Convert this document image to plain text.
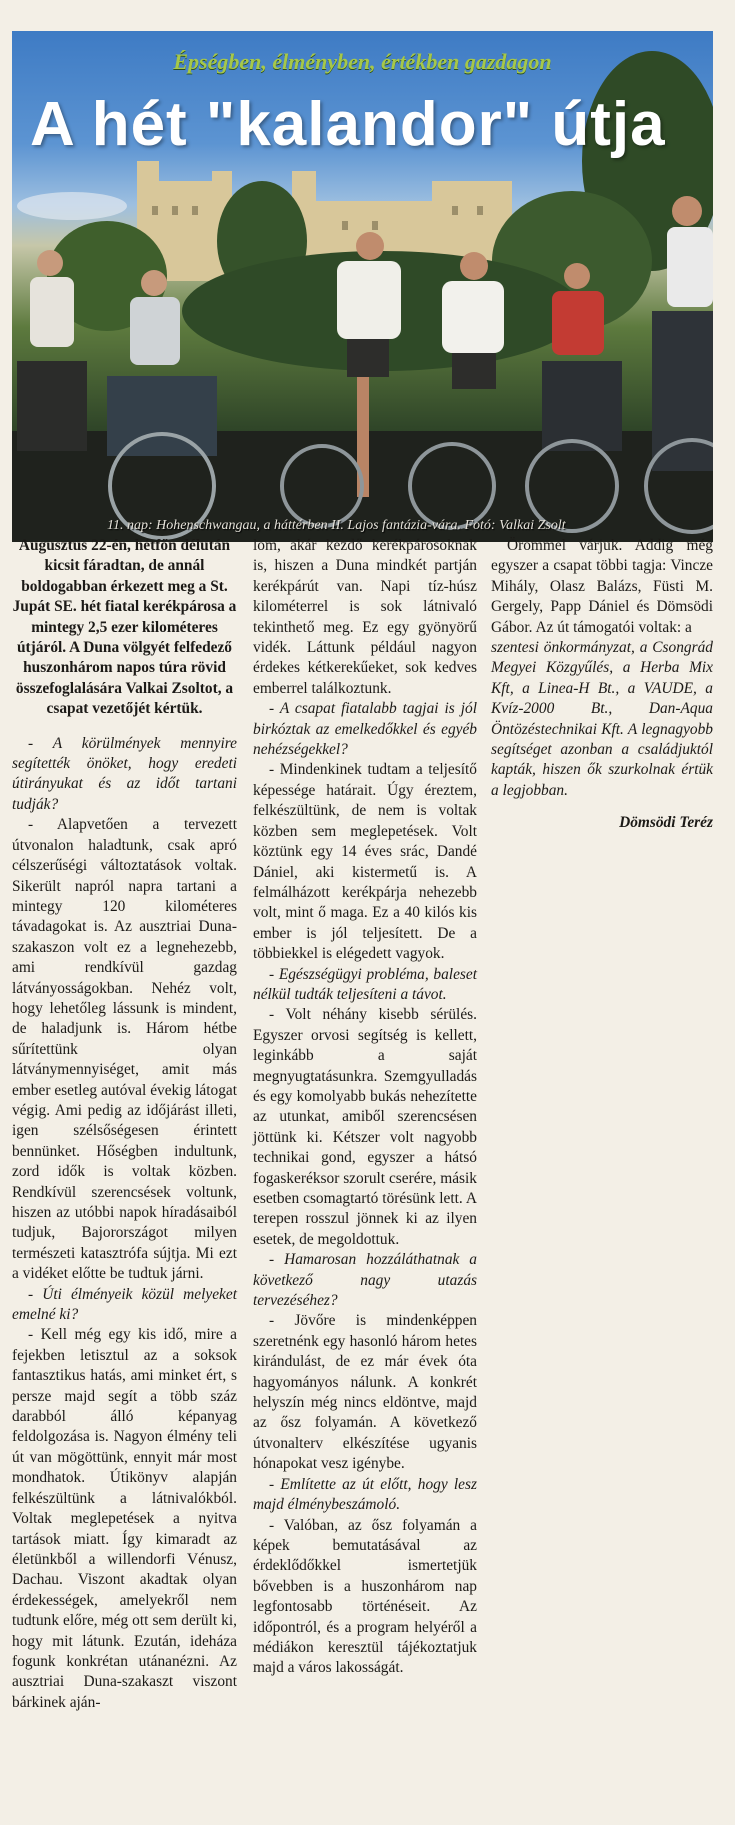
Épségben, élményben, értékben gazdagon
A hét "kalandor" útja
11. nap: Hohenschwangau, a háttérben II. Lajos fantázia-vára. Fotó: Valkai Zsolt

Augusztus 22-én, hétfőn délután kicsit fáradtan, de annál boldogabban érkezett meg a St. Jupát SE. hét fiatal kerékpárosa a mintegy 2,5 ezer kilométeres útjáról. A Duna völgyét felfedező huszonhárom napos túra rövid összefoglalására Valkai Zsoltot, a csapat vezetőjét kértük.

- A körülmények mennyire segítették önöket, hogy eredeti útirányukat és az időt tartani tudják?

- Alapvetően a tervezett útvonalon haladtunk, csak apró célszerűségi változtatások voltak. Sikerült napról napra tartani a mintegy 120 kilométeres távadagokat is. Az ausztriai Duna-szakaszon volt ez a legnehezebb, ami rendkívül gazdag látványosságokban. Nehéz volt, hogy lehetőleg lássunk is mindent, de haladjunk is. Három hétbe sűrítettünk olyan látványmennyiséget, amit más ember esetleg autóval évekig látogat végig. Ami pedig az időjárást illeti, igen szélsőségesen érintett bennünket. Hőségben indultunk, zord idők is voltak közben. Rendkívül szerencsések voltunk, hiszen az utóbbi napok híradásaiból tudjuk, Bajorországot milyen természeti katasztrófa sújtja. Mi ezt a vidéket előtte be tudtuk járni.

- Úti élményeik közül melyeket emelné ki?

- Kell még egy kis idő, mire a fejekben letisztul az a soksok fantasztikus hatás, ami minket ért, s persze majd segít a több száz darabból álló képanyag feldolgozása is. Nagyon élmény teli út van mögöttünk, ennyit már most mondhatok. Útikönyv alapján felkészültünk a látnivalókból. Voltak meglepetések a nyitva tartások miatt. Így kimaradt az életünkből a willendorfi Vénusz, Dachau. Viszont akadtak olyan érdekességek, amelyekről nem tudtunk előre, még ott sem derült ki, hogy mit látunk. Ezután, ideháza fogunk konkrétan utánanézni. Az ausztriai Duna-szakaszt viszont bárkinek aján-

lom, akár kezdő kerékpárosoknak is, hiszen a Duna mindkét partján kerékpárút van. Napi tíz-húsz kilométerrel is sok látnivaló tekinthető meg. Ez egy gyönyörű vidék. Láttunk például nagyon érdekes kétkerekűeket, sok kedves emberrel találkoztunk.

- A csapat fiatalabb tagjai is jól birkóztak az emelkedőkkel és egyéb nehézségekkel?

- Mindenkinek tudtam a teljesítő képessége határait. Úgy éreztem, felkészültünk, de nem is voltak közben sem meglepetések. Volt köztünk egy 14 éves srác, Dandé Dániel, aki kistermetű is. A felmálházott kerékpárja nehezebb volt, mint ő maga. Ez a 40 kilós kis ember is jól teljesített. De a többiekkel is elégedett vagyok.

- Egészségügyi probléma, baleset nélkül tudták teljesíteni a távot.

- Volt néhány kisebb sérülés. Egyszer orvosi segítség is kellett, leginkább a saját megnyugtatásunkra. Szemgyulladás és egy komolyabb bukás nehezítette az utunkat, amiből szerencsésen jöttünk ki. Kétszer volt nagyobb technikai gond, egyszer a hátsó fogaskeréksor szorult cserére, másik esetben csomagtartó törésünk lett. A terepen rosszul jönnek ki az ilyen esetek, de megoldottuk.

- Hamarosan hozzáláthatnak a következő nagy utazás tervezéséhez?

- Jövőre is mindenképpen szeretnénk egy hasonló három hetes kirándulást, de ez már évek óta hagyományos nálunk. A konkrét helyszín még nincs eldöntve, majd az ősz folyamán. A következő útvonalterv elkészítése ugyanis hónapokat vesz igénybe.

- Említette az út előtt, hogy lesz majd élménybeszámoló.

- Valóban, az ősz folyamán a képek bemutatásával az érdeklődőkkel ismertetjük bővebben is a huszonhárom nap legfontosabb történéseit. Az időpontról, és a program helyéről a médiákon keresztül tájékoztatjuk majd a város lakosságát.

Örömmel várjuk. Addig még egyszer a csapat többi tagja: Vincze Mihály, Olasz Balázs, Füsti M. Gergely, Papp Dániel és Dömsödi Gábor. Az út támogatói voltak: a

szentesi önkormányzat, a Csongrád Megyei Közgyűlés, a Herba Mix Kft, a Linea-H Bt., a VAUDE, a Kvíz-2000 Bt., Dan-Aqua Öntözéstechnikai Kft. A legnagyobb segítséget azonban a családjuktól kapták, hiszen ők szurkolnak értük a legjobban.

Dömsödi Teréz
